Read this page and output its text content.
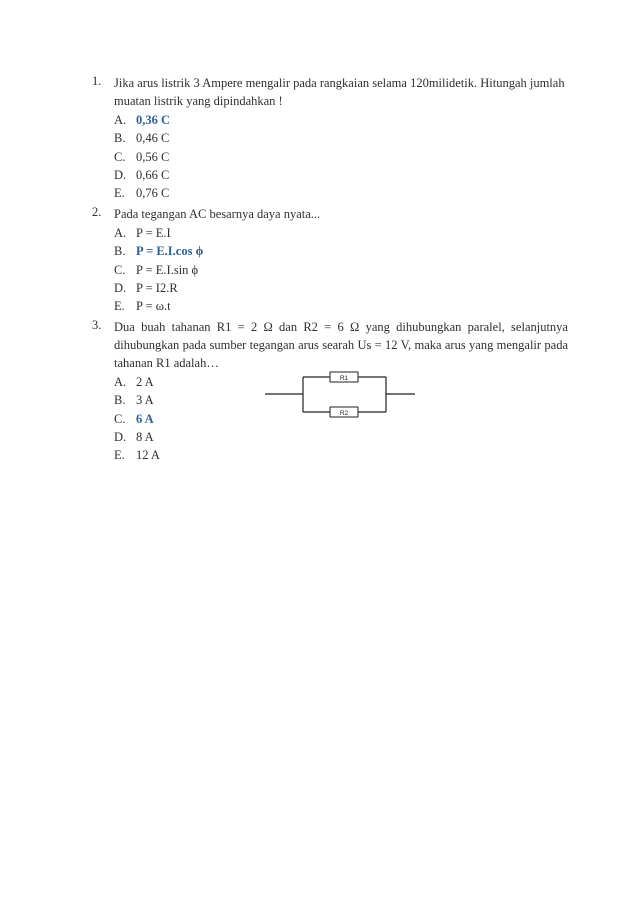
1. Jika arus listrik 3 Ampere mengalir pada rangkaian selama 120milidetik. Hitungah jumlah muatan listrik yang dipindahkan !
A. 0,36 C
B. 0,46 C
C. 0,56 C
D. 0,66 C
E. 0,76 C
2. Pada tegangan AC besarnya daya nyata...
A. P = E.I
B. P = E.I.cos ϕ
C. P = E.I.sin ϕ
D. P = I2.R
E. P = ω.t
3. Dua buah tahanan R1 = 2 Ω dan R2 = 6 Ω yang dihubungkan paralel, selanjutnya dihubungkan pada sumber tegangan arus searah Us = 12 V, maka arus yang mengalir pada tahanan R1 adalah…
A. 2 A
B. 3 A
C. 6 A
D. 8 A
E. 12 A
R1
R2
